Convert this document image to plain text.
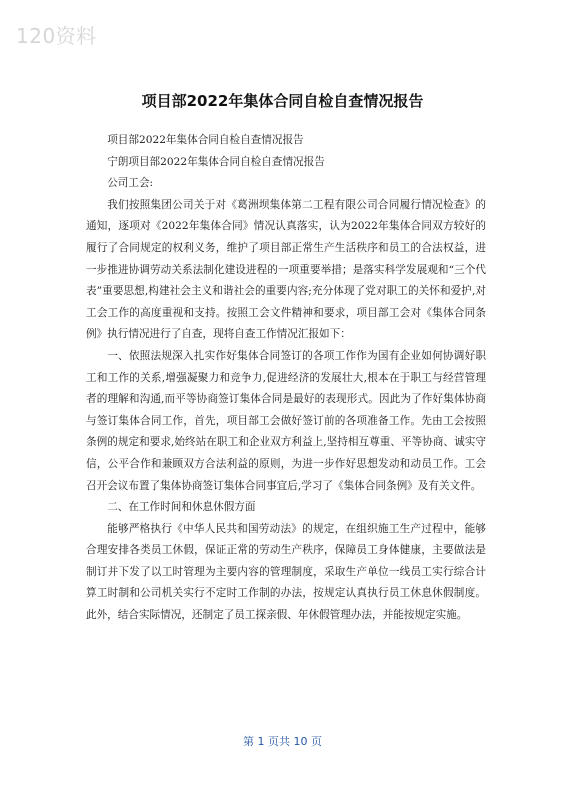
120资料
项目部2022年集体合同自检自查情况报告

项目部2022年集体合同自检自查情况报告

宁朗项目部2022年集体合同自检自查情况报告

公司工会:

我们按照集团公司关于对《葛洲坝集体第二工程有限公司合同履行情况检查》的通知，逐项对《2022年集体合同》情况认真落实，认为2022年集体合同双方较好的履行了合同规定的权利义务，维护了项目部正常生产生活秩序和员工的合法权益，进一步推进协调劳动关系法制化建设进程的一项重要举措；是落实科学发展观和“三个代表”重要思想,构建社会主义和谐社会的重要内容;充分体现了党对职工的关怀和爱护,对工会工作的高度重视和支持。按照工会文件精神和要求，项目部工会对《集体合同条例》执行情况进行了自查，现将自查工作情况汇报如下：

一、依照法规深入扎实作好集体合同签订的各项工作作为国有企业如何协调好职工和工作的关系,增强凝聚力和竞争力,促进经济的发展壮大,根本在于职工与经营管理者的理解和沟通,而平等协商签订集体合同是最好的表现形式。因此为了作好集体协商与签订集体合同工作，首先，项目部工会做好签订前的各项准备工作。先由工会按照条例的规定和要求,始终站在职工和企业双方利益上,坚持相互尊重、平等协商、诚实守信，公平合作和兼顾双方合法利益的原则，为进一步作好思想发动和动员工作。工会召开会议布置了集体协商签订集体合同事宜后,学习了《集体合同条例》及有关文件。

二、在工作时间和休息休假方面

能够严格执行《中华人民共和国劳动法》的规定，在组织施工生产过程中，能够合理安排各类员工休假，保证正常的劳动生产秩序，保障员工身体健康，主要做法是制订并下发了以工时管理为主要内容的管理制度，采取生产单位一线员工实行综合计算工时制和公司机关实行不定时工作制的办法，按规定认真执行员工休息休假制度。此外，结合实际情况，还制定了员工探亲假、年休假管理办法，并能按规定实施。

第 1 页共 10 页
